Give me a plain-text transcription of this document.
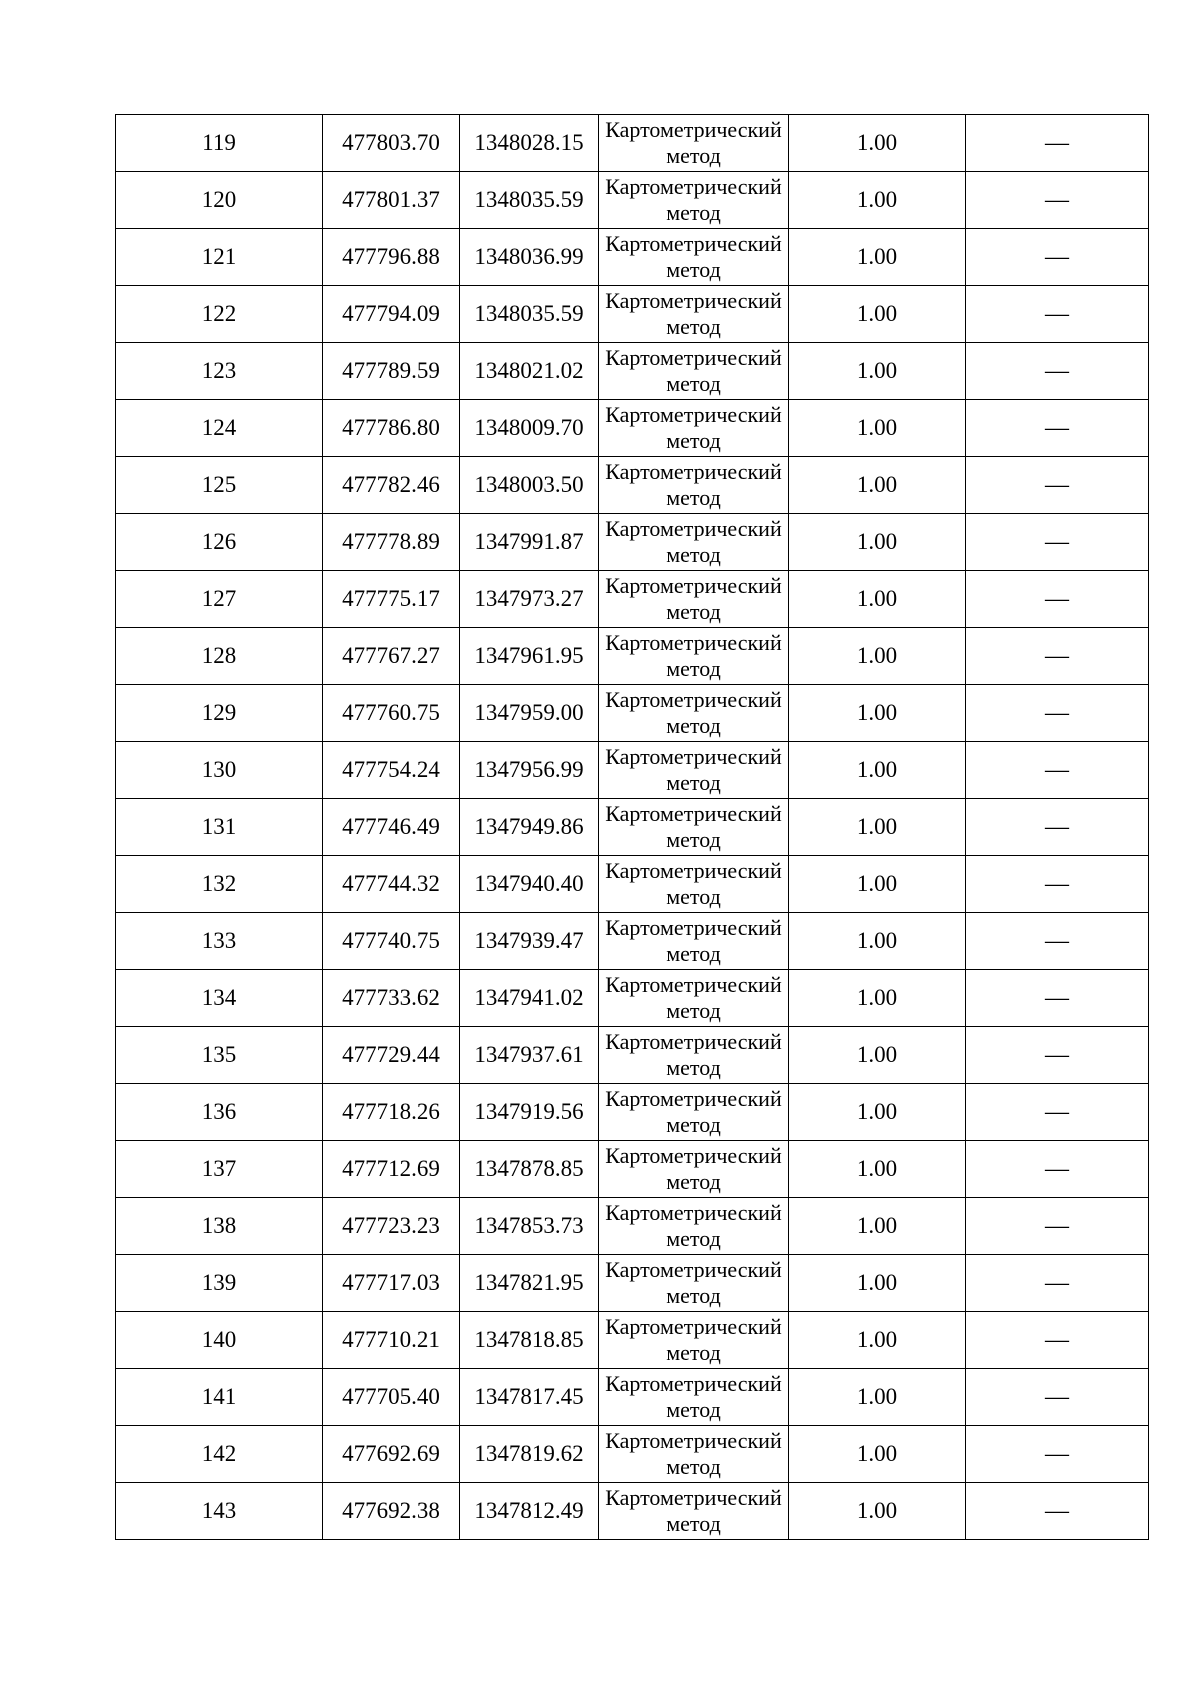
119	477803.70	1348028.15	Картометрический метод	1.00	—
120	477801.37	1348035.59	Картометрический метод	1.00	—
121	477796.88	1348036.99	Картометрический метод	1.00	—
122	477794.09	1348035.59	Картометрический метод	1.00	—
123	477789.59	1348021.02	Картометрический метод	1.00	—
124	477786.80	1348009.70	Картометрический метод	1.00	—
125	477782.46	1348003.50	Картометрический метод	1.00	—
126	477778.89	1347991.87	Картометрический метод	1.00	—
127	477775.17	1347973.27	Картометрический метод	1.00	—
128	477767.27	1347961.95	Картометрический метод	1.00	—
129	477760.75	1347959.00	Картометрический метод	1.00	—
130	477754.24	1347956.99	Картометрический метод	1.00	—
131	477746.49	1347949.86	Картометрический метод	1.00	—
132	477744.32	1347940.40	Картометрический метод	1.00	—
133	477740.75	1347939.47	Картометрический метод	1.00	—
134	477733.62	1347941.02	Картометрический метод	1.00	—
135	477729.44	1347937.61	Картометрический метод	1.00	—
136	477718.26	1347919.56	Картометрический метод	1.00	—
137	477712.69	1347878.85	Картометрический метод	1.00	—
138	477723.23	1347853.73	Картометрический метод	1.00	—
139	477717.03	1347821.95	Картометрический метод	1.00	—
140	477710.21	1347818.85	Картометрический метод	1.00	—
141	477705.40	1347817.45	Картометрический метод	1.00	—
142	477692.69	1347819.62	Картометрический метод	1.00	—
143	477692.38	1347812.49	Картометрический метод	1.00	—
